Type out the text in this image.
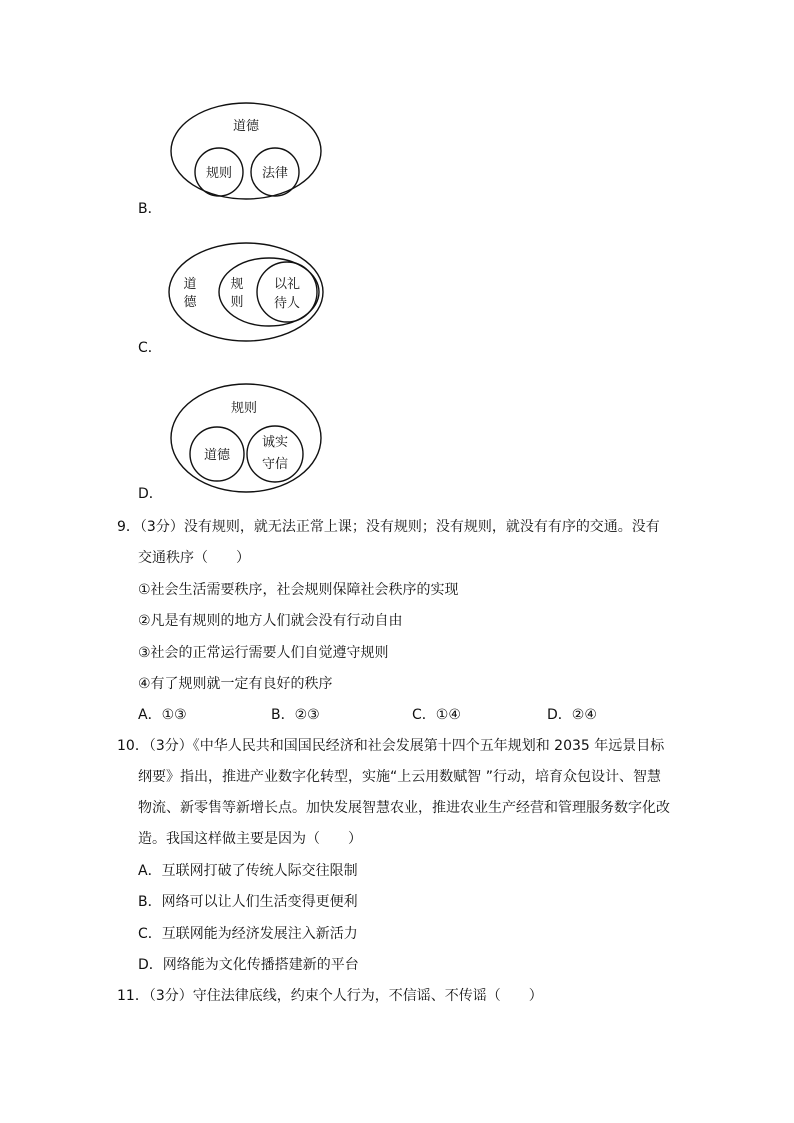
道德
规则 法律
B．
道
德
规
则
以礼
待人
C．
规则
道德
诚实
守信
D．
9．（3分）没有规则，就无法正常上课；没有规则；没有规则，就没有有序的交通。没有
交通秩序（　　）
①社会生活需要秩序，社会规则保障社会秩序的实现
②凡是有规则的地方人们就会没有行动自由
③社会的正常运行需要人们自觉遵守规则
④有了规则就一定有良好的秩序
A．①③	B．②③	C．①④	D．②④
10．（3分）《中华人民共和国国民经济和社会发展第十四个五年规划和 2035 年远景目标
纲要》指出，推进产业数字化转型，实施“上云用数赋智 ”行动，培育众包设计、智慧
物流、新零售等新增长点。加快发展智慧农业，推进农业生产经营和管理服务数字化改
造。我国这样做主要是因为（　　）
A．互联网打破了传统人际交往限制
B．网络可以让人们生活变得更便利
C．互联网能为经济发展注入新活力
D．网络能为文化传播搭建新的平台
11．（3分）守住法律底线，约束个人行为，不信谣、不传谣（　　）
